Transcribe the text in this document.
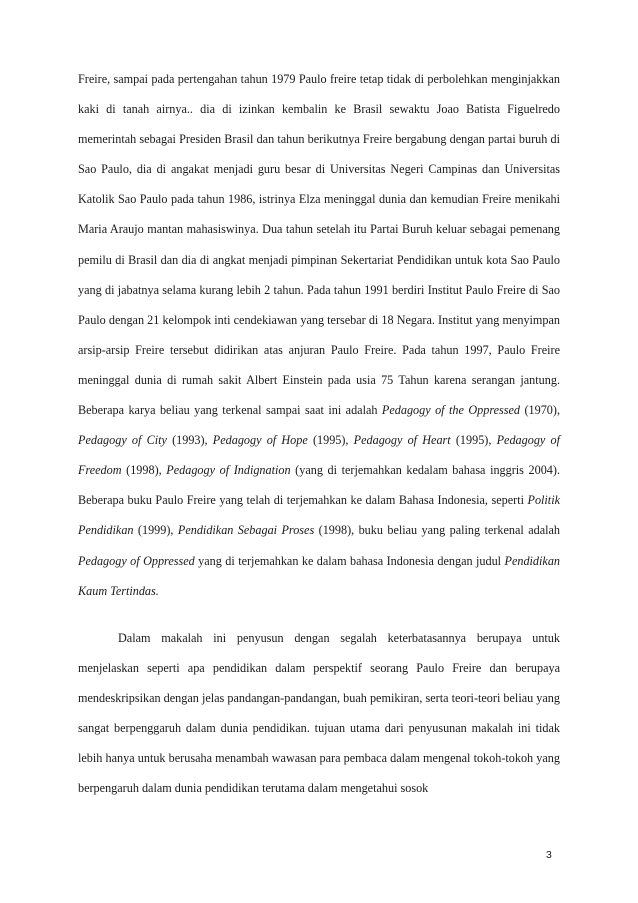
Freire, sampai pada pertengahan tahun 1979 Paulo freire tetap tidak di perbolehkan menginjakkan kaki di tanah airnya.. dia di izinkan kembalin ke Brasil sewaktu Joao Batista Figuelredo memerintah sebagai Presiden Brasil dan tahun berikutnya Freire bergabung dengan partai buruh di Sao Paulo, dia di angakat menjadi guru besar di Universitas Negeri Campinas dan Universitas Katolik Sao Paulo pada tahun 1986, istrinya Elza meninggal dunia dan kemudian Freire menikahi Maria Araujo mantan mahasiswinya. Dua tahun setelah itu Partai Buruh keluar sebagai pemenang pemilu di Brasil dan dia di angkat menjadi pimpinan Sekertariat Pendidikan untuk kota Sao Paulo yang di jabatnya selama kurang lebih 2 tahun. Pada tahun 1991 berdiri Institut Paulo Freire di Sao Paulo dengan 21 kelompok inti cendekiawan yang tersebar di 18 Negara. Institut yang menyimpan arsip-arsip Freire tersebut didirikan atas anjuran Paulo Freire. Pada tahun 1997, Paulo Freire meninggal dunia di rumah sakit Albert Einstein pada usia 75 Tahun karena serangan jantung. Beberapa karya beliau yang terkenal sampai saat ini adalah Pedagogy of the Oppressed (1970), Pedagogy of City (1993), Pedagogy of Hope (1995), Pedagogy of Heart (1995), Pedagogy of Freedom (1998), Pedagogy of Indignation (yang di terjemahkan kedalam bahasa inggris 2004). Beberapa buku Paulo Freire yang telah di terjemahkan ke dalam Bahasa Indonesia, seperti Politik Pendidikan (1999), Pendidikan Sebagai Proses (1998), buku beliau yang paling terkenal adalah Pedagogy of Oppressed yang di terjemahkan ke dalam bahasa Indonesia dengan judul Pendidikan Kaum Tertindas.

Dalam makalah ini penyusun dengan segalah keterbatasannya berupaya untuk menjelaskan seperti apa pendidikan dalam perspektif seorang Paulo Freire dan berupaya mendeskripsikan dengan jelas pandangan-pandangan, buah pemikiran, serta teori-teori beliau yang sangat berpenggaruh dalam dunia pendidikan. tujuan utama dari penyusunan makalah ini tidak lebih hanya untuk berusaha menambah wawasan para pembaca dalam mengenal tokoh-tokoh yang berpengaruh dalam dunia pendidikan terutama dalam mengetahui sosok

3
